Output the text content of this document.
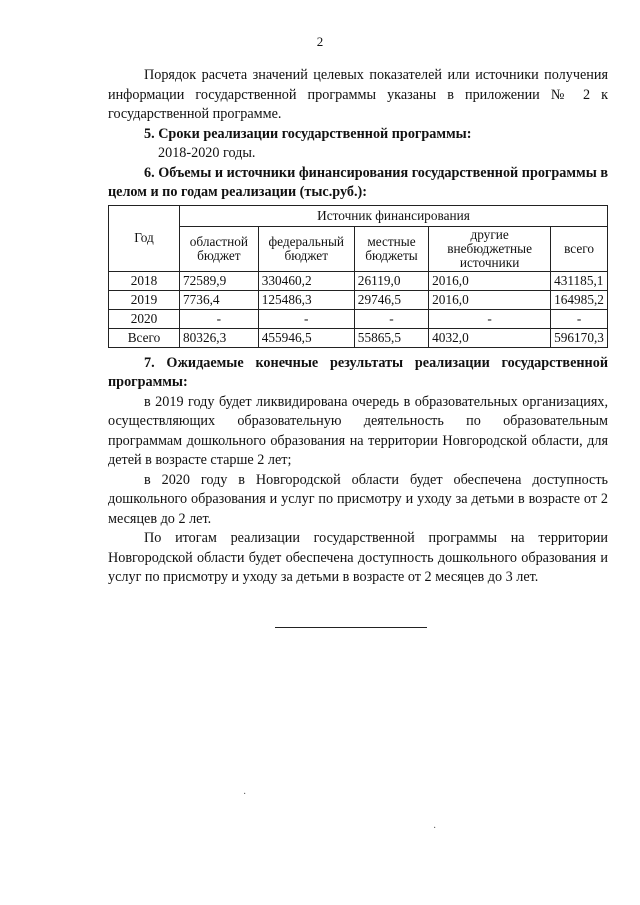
2

Порядок расчета значений целевых показателей или источники получения информации государственной программы указаны в приложении № 2 к государственной программе.

5. Сроки реализации государственной программы:

2018-2020 годы.

6. Объемы и источники финансирования государственной программы в целом и по годам реализации (тыс.руб.):

Год	Источник финансирования				
	областной бюджет	федеральный бюджет	местные бюджеты	другие внебюджетные источники	всего
2018	72589,9	330460,2	26119,0	2016,0	431185,1
2019	7736,4	125486,3	29746,5	2016,0	164985,2
2020	-	-	-	-	-
Всего	80326,3	455946,5	55865,5	4032,0	596170,3

7. Ожидаемые конечные результаты реализации государственной программы:

в 2019 году будет ликвидирована очередь в образовательных организациях, осуществляющих образовательную деятельность по образовательным программам дошкольного образования на территории Новгородской области, для детей в возрасте старше 2 лет;

в 2020 году в Новгородской области будет обеспечена доступность дошкольного образования и услуг по присмотру и уходу за детьми в возрасте от 2 месяцев до 2 лет.

По итогам реализации государственной программы на территории Новгородской области будет обеспечена доступность дошкольного образования и услуг по присмотру и уходу за детьми в возрасте от 2 месяцев до 3 лет.

·
·
